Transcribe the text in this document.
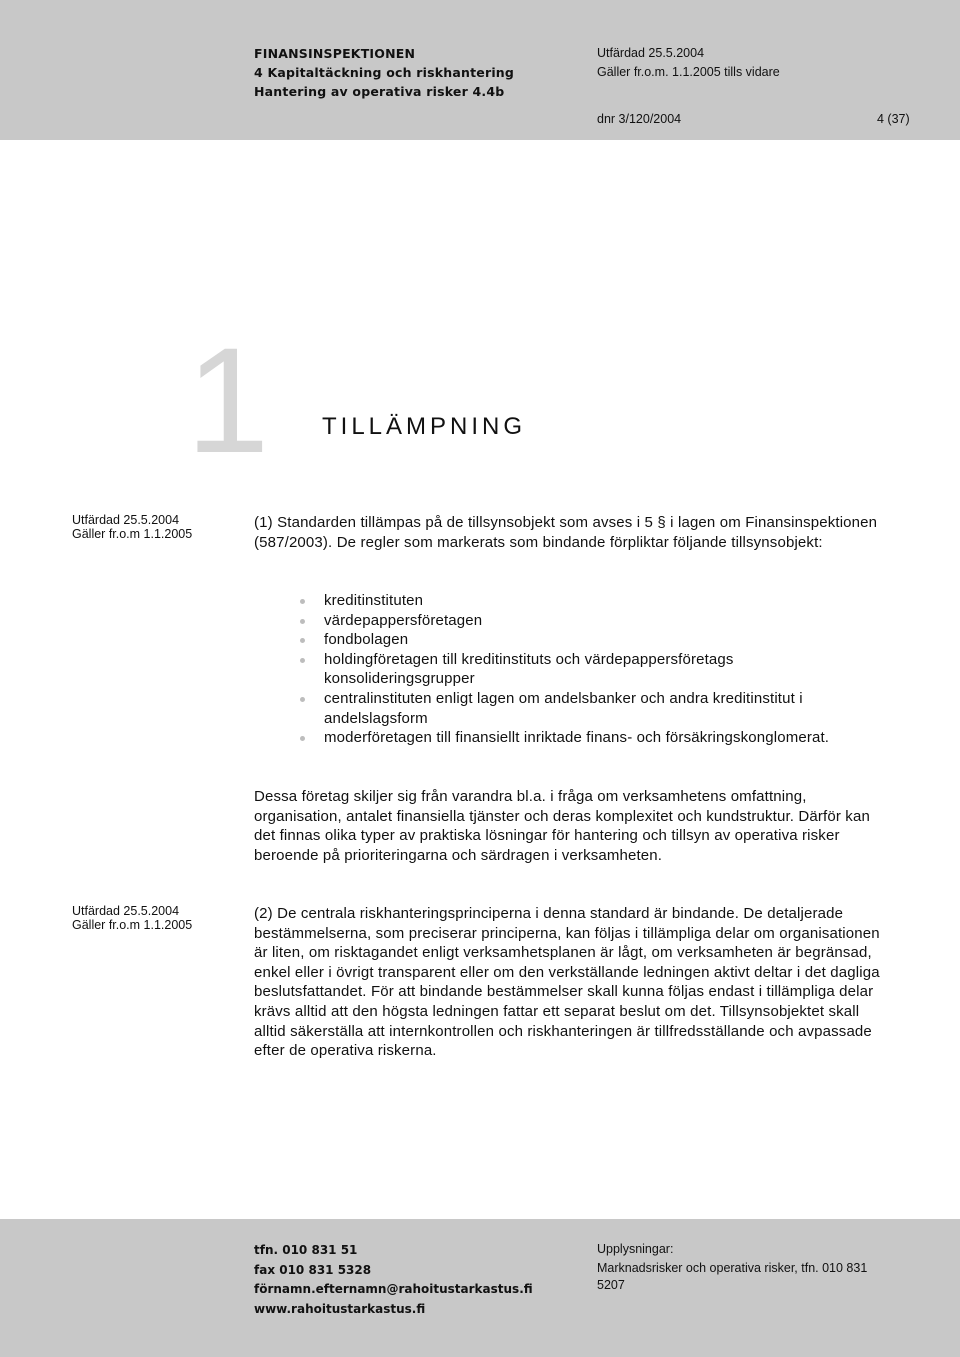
FINANSINSPEKTIONEN
4 Kapitaltäckning och riskhantering
Hantering av operativa risker 4.4b
Utfärdad 25.5.2004
Gäller fr.o.m. 1.1.2005 tills vidare
dnr 3/120/2004	4 (37)
1 TILLÄMPNING
Utfärdad 25.5.2004
Gäller fr.o.m 1.1.2005

(1) Standarden tillämpas på de tillsynsobjekt som avses i 5 § i lagen om Finansinspektionen (587/2003). De regler som markerats som bindande förpliktar följande tillsynsobjekt:

kreditinstituten
värdepappersföretagen
fondbolagen
holdingföretagen till kreditinstituts och värdepappersföretags konsolideringsgrupper
centralinstituten enligt lagen om andelsbanker och andra kreditinstitut i andelslagsform
moderföretagen till finansiellt inriktade finans- och försäkringskonglomerat.

Dessa företag skiljer sig från varandra bl.a. i fråga om verksamhetens omfattning, organisation, antalet finansiella tjänster och deras komplexitet och kundstruktur. Därför kan det finnas olika typer av praktiska lösningar för hantering och tillsyn av operativa risker beroende på prioriteringarna och särdragen i verksamheten.

Utfärdad 25.5.2004
Gäller fr.o.m 1.1.2005

(2) De centrala riskhanteringsprinciperna i denna standard är bindande. De detaljerade bestämmelserna, som preciserar principerna, kan följas i tillämpliga delar om organisationen är liten, om risktagandet enligt verksamhetsplanen är lågt, om verksamheten är begränsad, enkel eller i övrigt transparent eller om den verkställande ledningen aktivt deltar i det dagliga beslutsfattandet. För att bindande bestämmelser skall kunna följas endast i tillämpliga delar krävs alltid att den högsta ledningen fattar ett separat beslut om det. Tillsynsobjektet skall alltid säkerställa att internkontrollen och riskhanteringen är tillfredsställande och avpassade efter de operativa riskerna.

tfn. 010 831 51
fax 010 831 5328
förnamn.efternamn@rahoitustarkastus.fi
www.rahoitustarkastus.fi
Upplysningar:
Marknadsrisker och operativa risker, tfn. 010 831 5207
